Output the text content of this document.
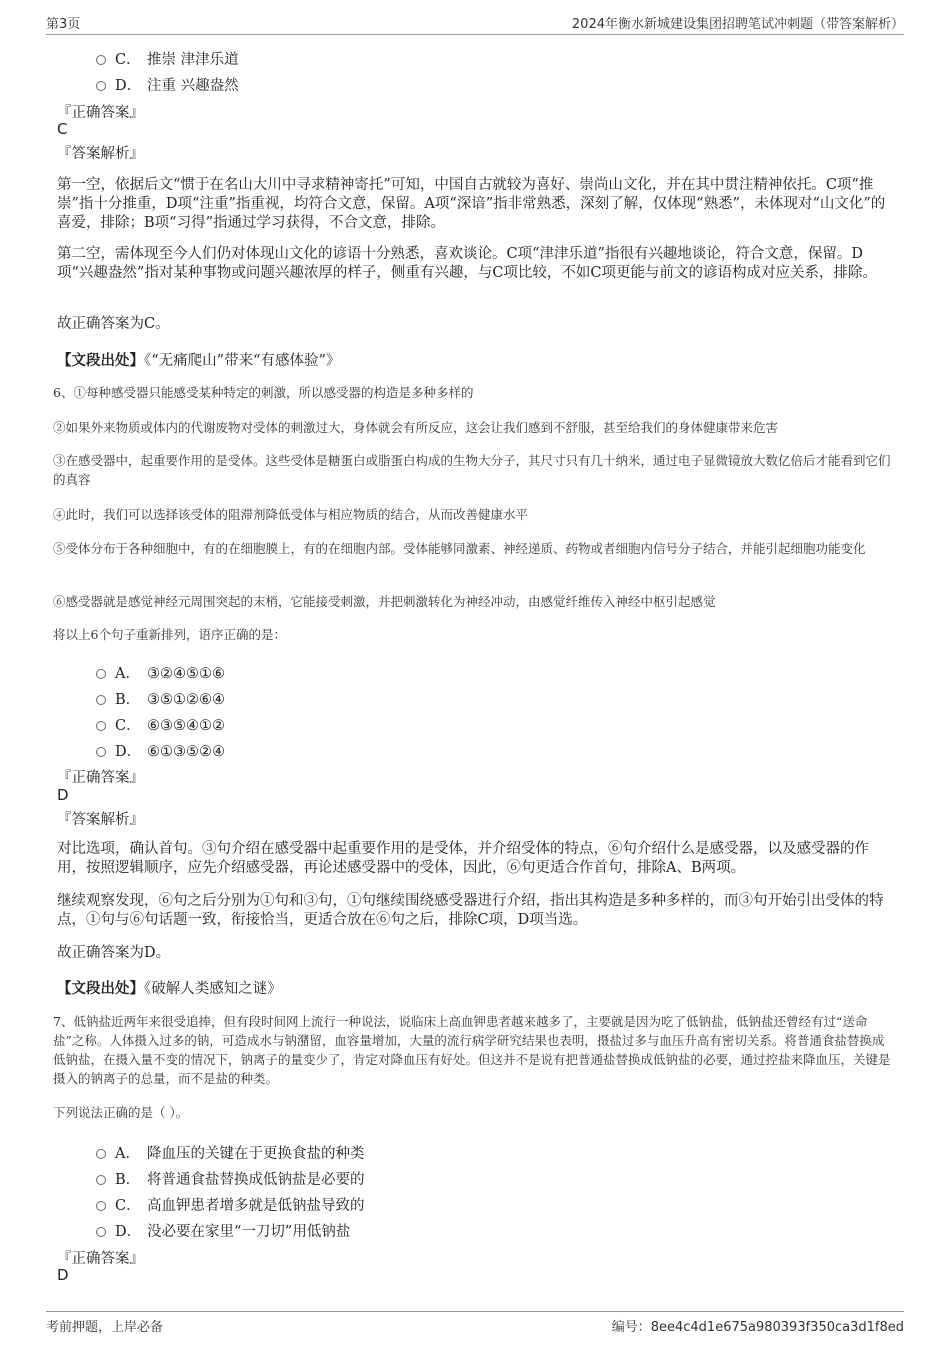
第3页	2024年衡水新城建设集团招聘笔试冲刺题（带答案解析）
C． 推崇 津津乐道
D． 注重 兴趣盎然
『正确答案』
C
『答案解析』
第一空，依据后文“惯于在名山大川中寻求精神寄托”可知，中国自古就较为喜好、崇尚山文化，并在其中贯注精神依托。C项“推崇”指十分推重，D项“注重”指重视，均符合文意，保留。A项“深谙”指非常熟悉，深刻了解，仅体现“熟悉”，未体现对“山文化”的喜爱，排除；B项“习得”指通过学习获得，不合文意，排除。
第二空，需体现至今人们仍对体现山文化的谚语十分熟悉，喜欢谈论。C项“津津乐道”指很有兴趣地谈论，符合文意，保留。D项“兴趣盎然”指对某种事物或问题兴趣浓厚的样子，侧重有兴趣，与C项比较，不如C项更能与前文的谚语构成对应关系，排除。
故正确答案为C。
【文段出处】《“无痛爬山”带来“有感体验”》
6、①每种感受器只能感受某种特定的刺激，所以感受器的构造是多种多样的
②如果外来物质或体内的代谢废物对受体的刺激过大，身体就会有所反应，这会让我们感到不舒服，甚至给我们的身体健康带来危害
③在感受器中，起重要作用的是受体。这些受体是糖蛋白或脂蛋白构成的生物大分子，其尺寸只有几十纳米，通过电子显微镜放大数亿倍后才能看到它们的真容
④此时，我们可以选择该受体的阻滞剂降低受体与相应物质的结合，从而改善健康水平
⑤受体分布于各种细胞中，有的在细胞膜上，有的在细胞内部。受体能够同激素、神经递质、药物或者细胞内信号分子结合，并能引起细胞功能变化
⑥感受器就是感觉神经元周围突起的末梢，它能接受刺激，并把刺激转化为神经冲动，由感觉纤维传入神经中枢引起感觉
将以上6个句子重新排列，语序正确的是：
A． ③②④⑤①⑥
B． ③⑤①②⑥④
C． ⑥③⑤④①②
D． ⑥①③⑤②④
『正确答案』
D
『答案解析』
对比选项，确认首句。③句介绍在感受器中起重要作用的是受体，并介绍受体的特点，⑥句介绍什么是感受器，以及感受器的作用，按照逻辑顺序，应先介绍感受器，再论述感受器中的受体，因此，⑥句更适合作首句，排除A、B两项。
继续观察发现，⑥句之后分别为①句和③句，①句继续围绕感受器进行介绍，指出其构造是多种多样的，而③句开始引出受体的特点，①句与⑥句话题一致，衔接恰当，更适合放在⑥句之后，排除C项，D项当选。
故正确答案为D。
【文段出处】《破解人类感知之谜》
7、低钠盐近两年来很受追捧，但有段时间网上流行一种说法，说临床上高血钾患者越来越多了，主要就是因为吃了低钠盐，低钠盐还曾经有过“送命盐”之称。人体摄入过多的钠，可造成水与钠潴留，血容量增加，大量的流行病学研究结果也表明，摄盐过多与血压升高有密切关系。将普通食盐替换成低钠盐，在摄入量不变的情况下，钠离子的量变少了，肯定对降血压有好处。但这并不是说有把普通盐替换成低钠盐的必要，通过控盐来降血压，关键是摄入的钠离子的总量，而不是盐的种类。
下列说法正确的是（ ）。
A． 降血压的关键在于更换食盐的种类
B． 将普通食盐替换成低钠盐是必要的
C． 高血钾患者增多就是低钠盐导致的
D． 没必要在家里“一刀切”用低钠盐
『正确答案』
D
考前押题，上岸必备	编号：8ee4c4d1e675a980393f350ca3d1f8ed
